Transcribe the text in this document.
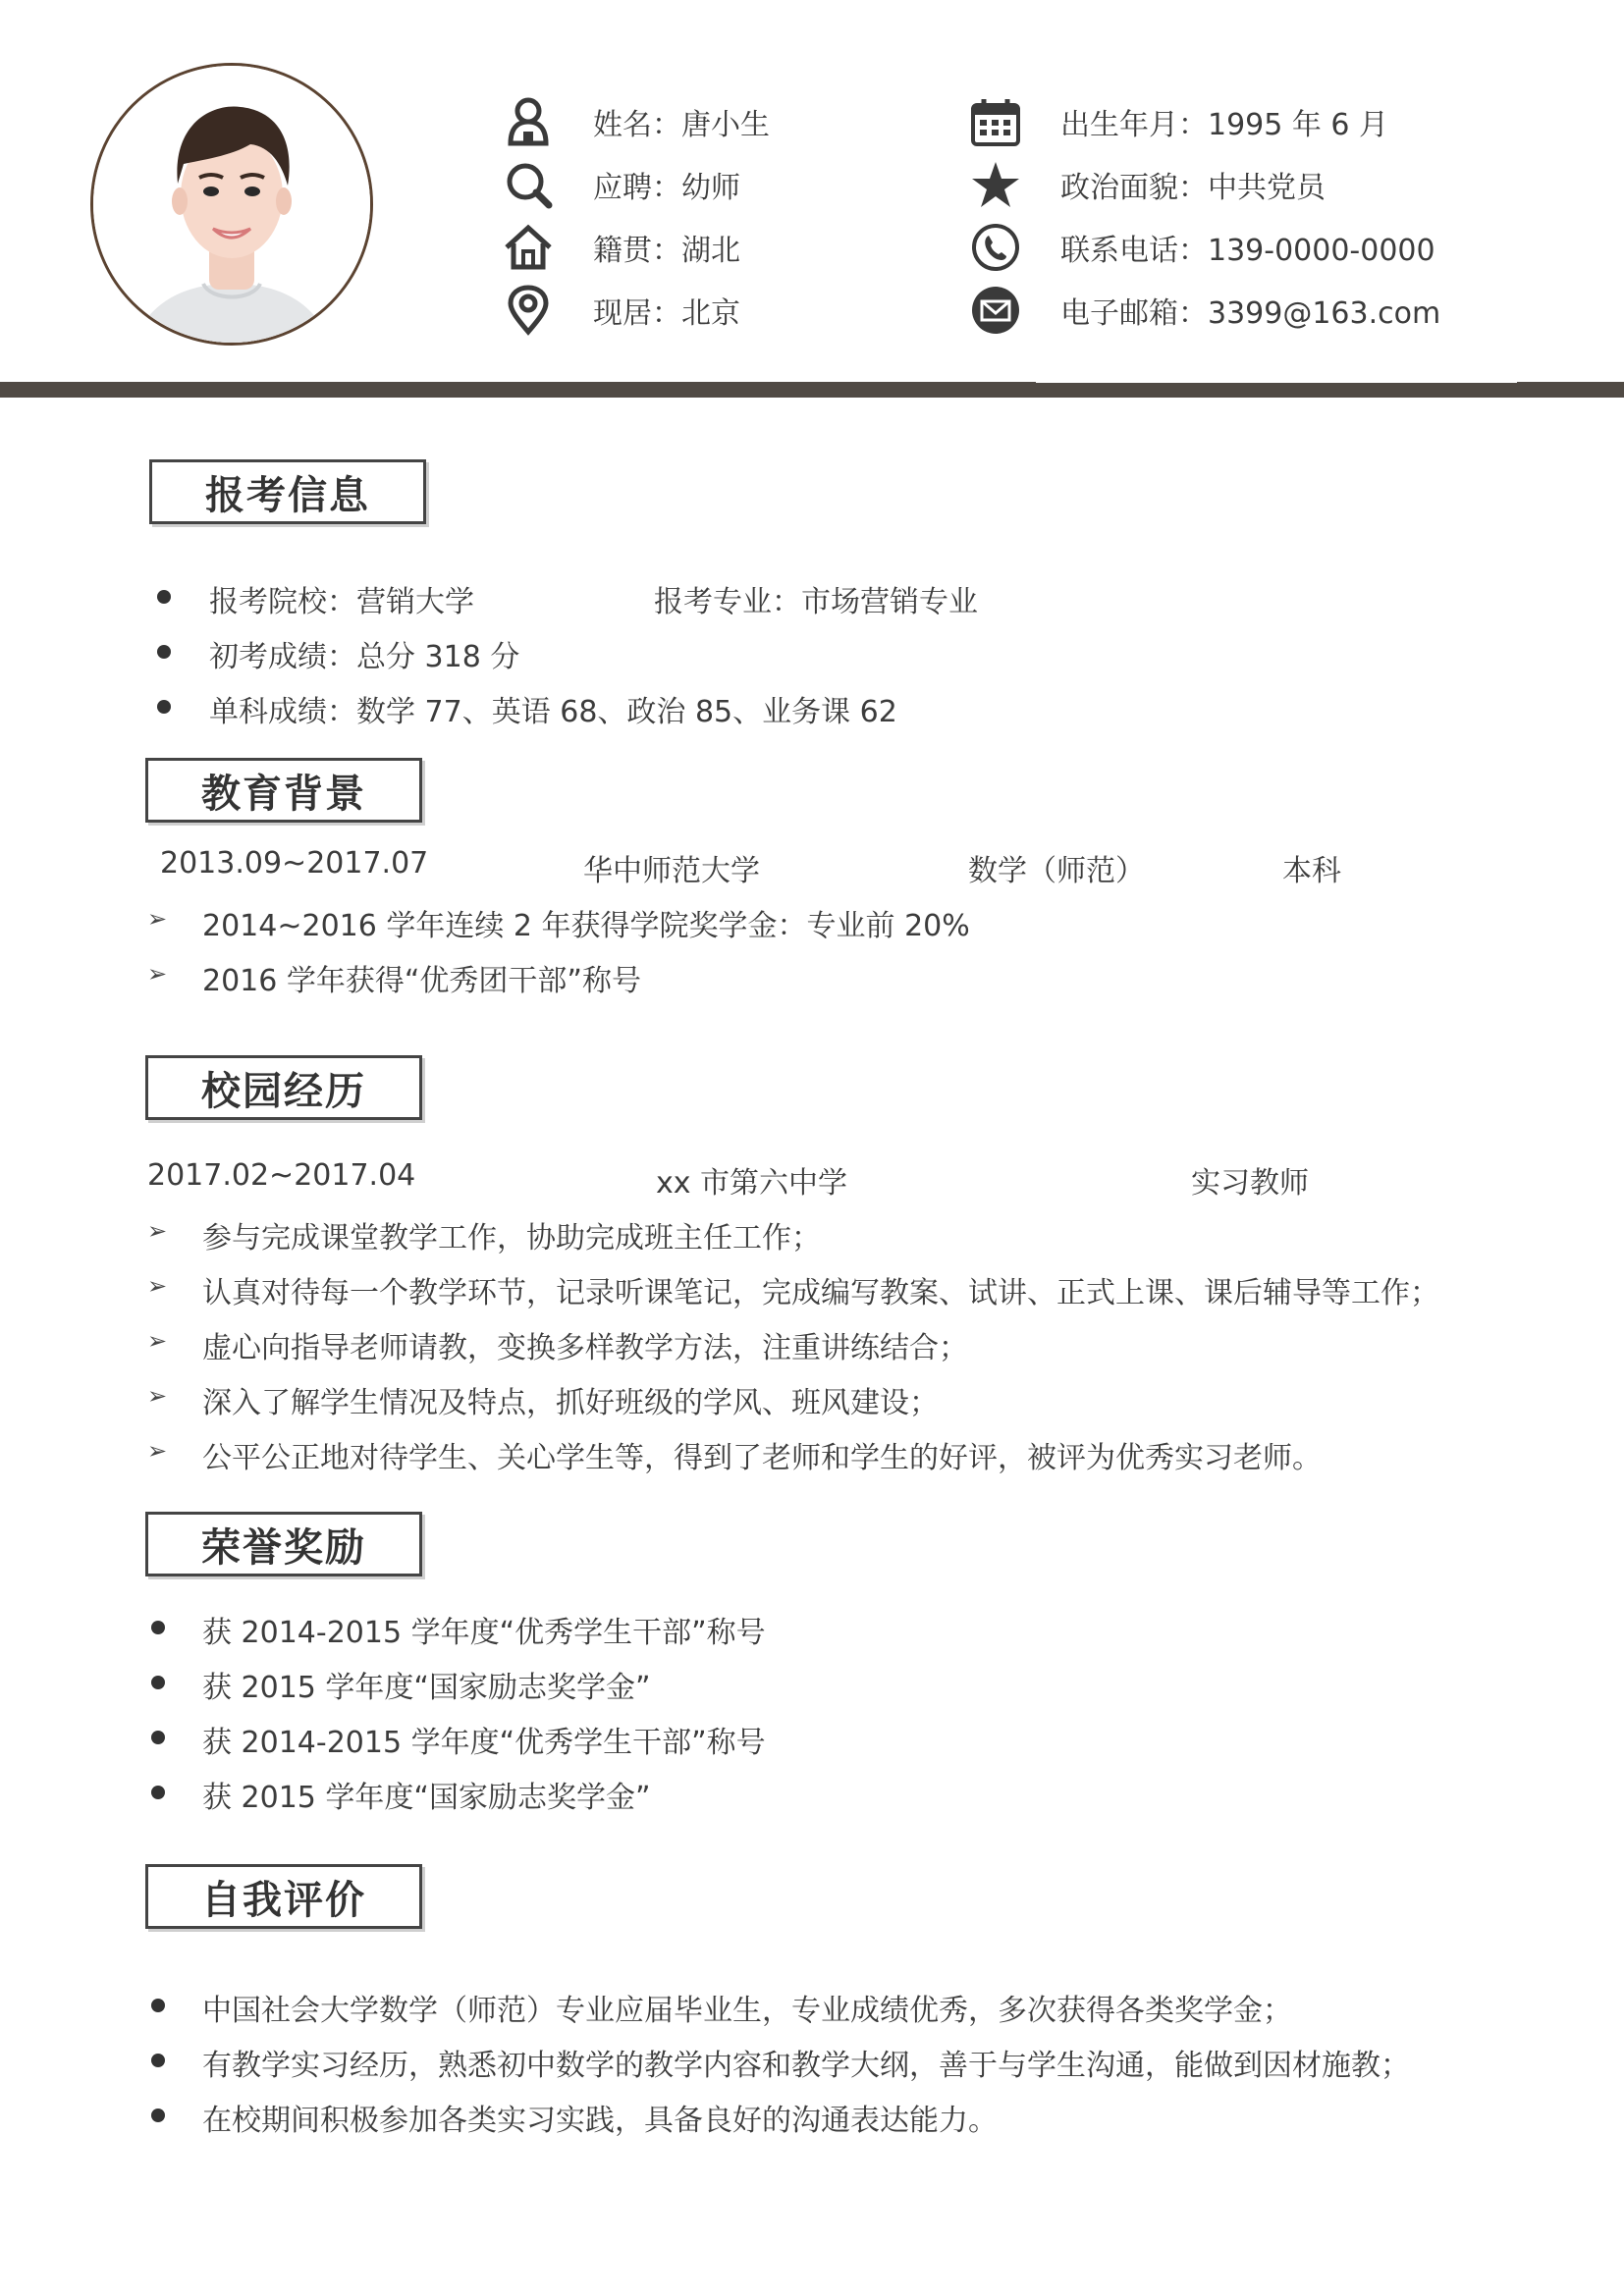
姓名：唐小生
应聘：幼师
籍贯：湖北
现居：北京
出生年月：1995 年 6 月
政治面貌：中共党员
联系电话：139-0000-0000
电子邮箱：3399@163.com
报考信息
报考院校：营销大学	报考专业：市场营销专业
初考成绩：总分 318 分
单科成绩：数学 77、英语 68、政治 85、业务课 62
教育背景
2013.09~2017.07	华中师范大学	数学（师范）	本科
➢ 2014~2016 学年连续 2 年获得学院奖学金：专业前 20%
➢ 2016 学年获得“优秀团干部”称号
校园经历
2017.02~2017.04	xx 市第六中学	实习教师
➢ 参与完成课堂教学工作，协助完成班主任工作；
➢ 认真对待每一个教学环节，记录听课笔记，完成编写教案、试讲、正式上课、课后辅导等工作；
➢ 虚心向指导老师请教，变换多样教学方法，注重讲练结合；
➢ 深入了解学生情况及特点，抓好班级的学风、班风建设；
➢ 公平公正地对待学生、关心学生等，得到了老师和学生的好评，被评为优秀实习老师。
荣誉奖励
获 2014-2015 学年度“优秀学生干部”称号
获 2015 学年度“国家励志奖学金”
获 2014-2015 学年度“优秀学生干部”称号
获 2015 学年度“国家励志奖学金”
自我评价
中国社会大学数学（师范）专业应届毕业生，专业成绩优秀，多次获得各类奖学金；
有教学实习经历，熟悉初中数学的教学内容和教学大纲，善于与学生沟通，能做到因材施教；
在校期间积极参加各类实习实践，具备良好的沟通表达能力。
